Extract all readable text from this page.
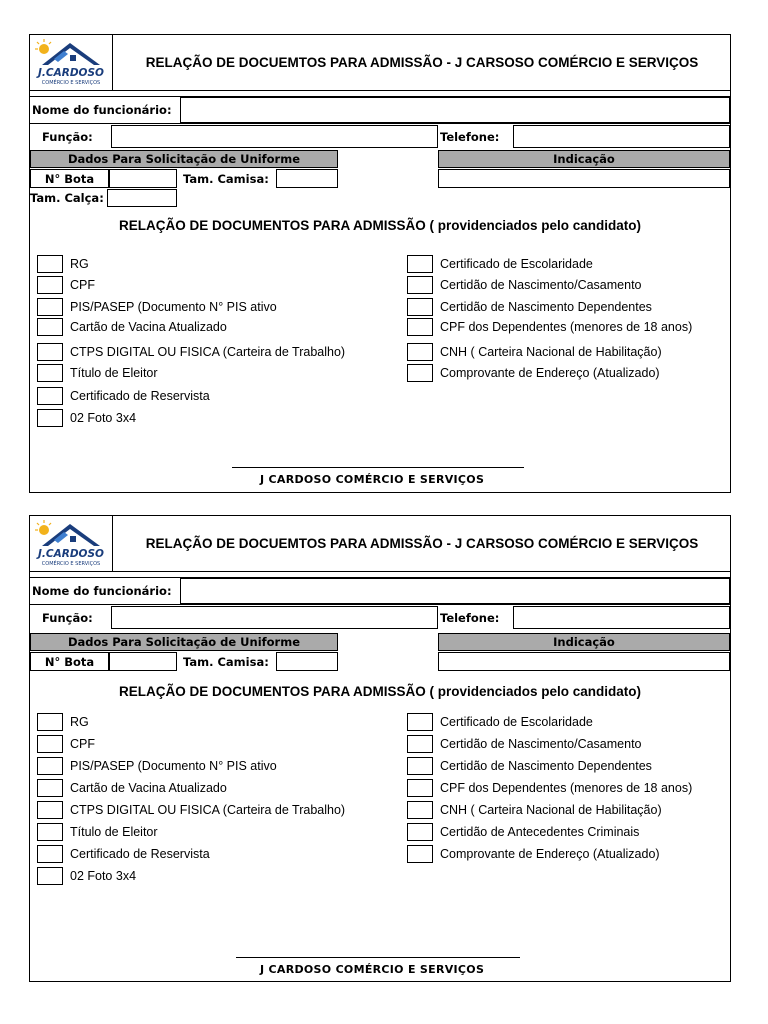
J.CARDOSO
COMÉRCIO E SERVIÇOS
RELAÇÃO DE DOCUEMTOS PARA ADMISSÃO - J CARSOSO COMÉRCIO E SERVIÇOS
Nome do funcionário:
Função:	Telefone:
Dados Para Solicitação de Uniforme	Indicação
N° Bota	Tam. Camisa:
Tam. Calça:
RELAÇÃO DE DOCUMENTOS PARA ADMISSÃO ( providenciados pelo candidato)
RG
CPF
PIS/PASEP (Documento N° PIS ativo
Cartão de Vacina Atualizado
CTPS DIGITAL OU FISICA (Carteira de Trabalho)
Título de Eleitor
Certificado de Reservista
02 Foto 3x4
Certificado de Escolaridade
Certidão de Nascimento/Casamento
Certidão de Nascimento Dependentes
CPF dos Dependentes (menores de 18 anos)
CNH ( Carteira Nacional de Habilitação)
Comprovante de Endereço (Atualizado)
J CARDOSO COMÉRCIO E SERVIÇOS
J.CARDOSO
COMÉRCIO E SERVIÇOS
RELAÇÃO DE DOCUEMTOS PARA ADMISSÃO - J CARSOSO COMÉRCIO E SERVIÇOS
Nome do funcionário:
Função:	Telefone:
Dados Para Solicitação de Uniforme	Indicação
N° Bota	Tam. Camisa:
RELAÇÃO DE DOCUMENTOS PARA ADMISSÃO ( providenciados pelo candidato)
RG
CPF
PIS/PASEP (Documento N° PIS ativo
Cartão de Vacina Atualizado
CTPS DIGITAL OU FISICA (Carteira de Trabalho)
Título de Eleitor
Certificado de Reservista
02 Foto 3x4
Certificado de Escolaridade
Certidão de Nascimento/Casamento
Certidão de Nascimento Dependentes
CPF dos Dependentes (menores de 18 anos)
CNH ( Carteira Nacional de Habilitação)
Certidão de Antecedentes Criminais
Comprovante de Endereço (Atualizado)
J CARDOSO COMÉRCIO E SERVIÇOS
